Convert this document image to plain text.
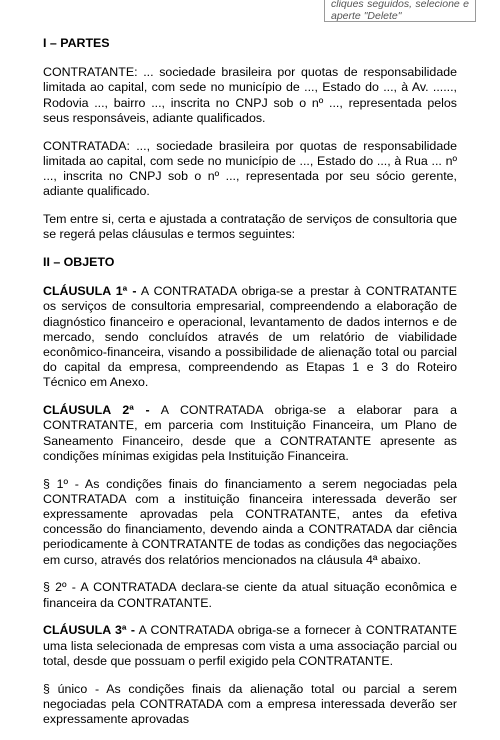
cliques seguidos, selecione e
aperte "Delete"
I – PARTES

CONTRATANTE: ... sociedade brasileira por quotas de responsabilidade limitada ao capital, com sede no município de ..., Estado do ..., à Av. ......, Rodovia ..., bairro ..., inscrita no CNPJ sob o nº ..., representada pelos seus responsáveis, adiante qualificados.

CONTRATADA: ..., sociedade brasileira por quotas de responsabilidade limitada ao capital, com sede no município de ..., Estado do ..., à Rua ... nº ..., inscrita no CNPJ sob o nº ..., representada por seu sócio gerente, adiante qualificado.

Tem entre si, certa e ajustada a contratação de serviços de consultoria que se regerá pelas cláusulas e termos seguintes:

II – OBJETO

CLÁUSULA 1ª - A CONTRATADA obriga-se a prestar à CONTRATANTE os serviços de consultoria empresarial, compreendendo a elaboração de diagnóstico financeiro e operacional, levantamento de dados internos e de mercado, sendo concluídos através de um relatório de viabilidade econômico-financeira, visando a possibilidade de alienação total ou parcial do capital da empresa, compreendendo as Etapas 1 e 3 do Roteiro Técnico em Anexo.

CLÁUSULA 2ª - A CONTRATADA obriga-se a elaborar para a CONTRATANTE, em parceria com Instituição Financeira, um Plano de Saneamento Financeiro, desde que a CONTRATANTE apresente as condições mínimas exigidas pela Instituição Financeira.

§ 1º - As condições finais do financiamento a serem negociadas pela CONTRATADA com a instituição financeira interessada deverão ser expressamente aprovadas pela CONTRATANTE, antes da efetiva concessão do financiamento, devendo ainda a CONTRATADA dar ciência periodicamente à CONTRATANTE de todas as condições das negociações em curso, através dos relatórios mencionados na cláusula 4ª abaixo.

§ 2º - A CONTRATADA declara-se ciente da atual situação econômica e financeira da CONTRATANTE.

CLÁUSULA 3ª - A CONTRATADA obriga-se a fornecer à CONTRATANTE uma lista selecionada de empresas com vista a uma associação parcial ou total, desde que possuam o perfil exigido pela CONTRATANTE.

§ único - As condições finais da alienação total ou parcial a serem negociadas pela CONTRATADA com a empresa interessada deverão ser expressamente aprovadas
